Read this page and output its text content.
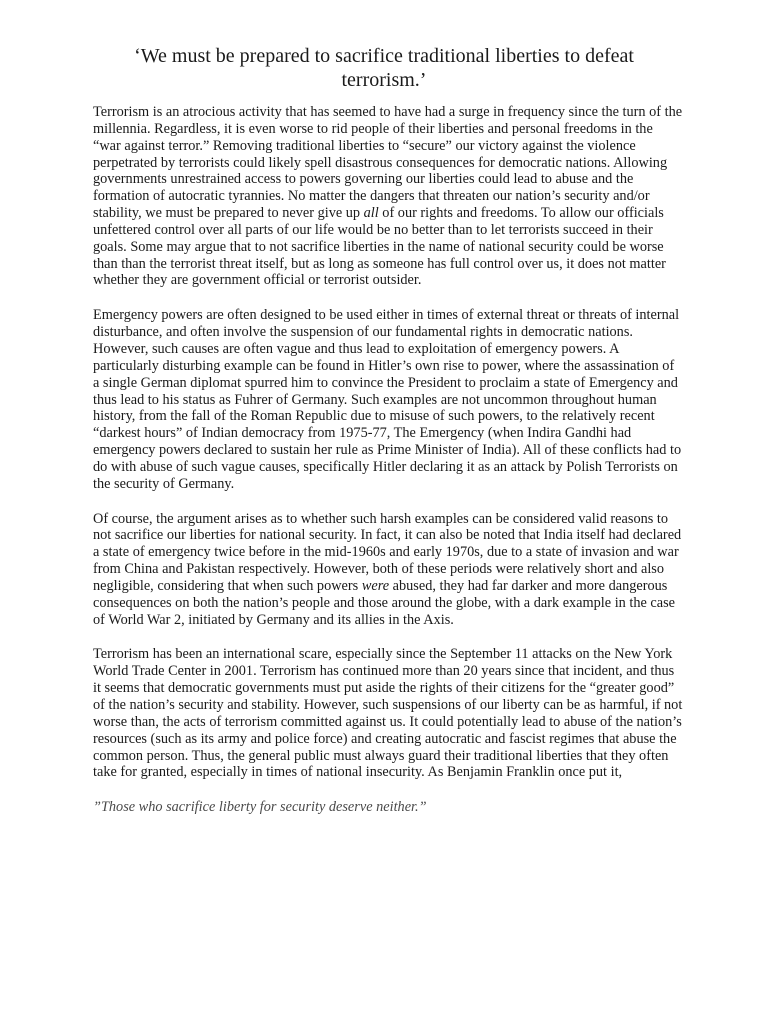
‘We must be prepared to sacrifice traditional liberties to defeat terrorism.’

Terrorism is an atrocious activity that has seemed to have had a surge in frequency since the turn of the millennia. Regardless, it is even worse to rid people of their liberties and personal freedoms in the “war against terror.” Removing traditional liberties to “secure” our victory against the violence perpetrated by terrorists could likely spell disastrous consequences for democratic nations. Allowing governments unrestrained access to powers governing our liberties could lead to abuse and the formation of autocratic tyrannies. No matter the dangers that threaten our nation’s security and/or stability, we must be prepared to never give up all of our rights and freedoms. To allow our officials unfettered control over all parts of our life would be no better than to let terrorists succeed in their goals. Some may argue that to not sacrifice liberties in the name of national security could be worse than than the terrorist threat itself, but as long as someone has full control over us, it does not matter whether they are government official or terrorist outsider.

Emergency powers are often designed to be used either in times of external threat or threats of internal disturbance, and often involve the suspension of our fundamental rights in democratic nations. However, such causes are often vague and thus lead to exploitation of emergency powers. A particularly disturbing example can be found in Hitler’s own rise to power, where the assassination of a single German diplomat spurred him to convince the President to proclaim a state of Emergency and thus lead to his status as Fuhrer of Germany. Such examples are not uncommon throughout human history, from the fall of the Roman Republic due to misuse of such powers, to the relatively recent “darkest hours” of Indian democracy from 1975-77, The Emergency (when Indira Gandhi had emergency powers declared to sustain her rule as Prime Minister of India). All of these conflicts had to do with abuse of such vague causes, specifically Hitler declaring it as an attack by Polish Terrorists on the security of Germany.

Of course, the argument arises as to whether such harsh examples can be considered valid reasons to not sacrifice our liberties for national security. In fact, it can also be noted that India itself had declared a state of emergency twice before in the mid-1960s and early 1970s, due to a state of invasion and war from China and Pakistan respectively. However, both of these periods were relatively short and also negligible, considering that when such powers were abused, they had far darker and more dangerous consequences on both the nation’s people and those around the globe, with a dark example in the case of World War 2, initiated by Germany and its allies in the Axis.

Terrorism has been an international scare, especially since the September 11 attacks on the New York World Trade Center in 2001. Terrorism has continued more than 20 years since that incident, and thus it seems that democratic governments must put aside the rights of their citizens for the “greater good” of the nation’s security and stability. However, such suspensions of our liberty can be as harmful, if not worse than, the acts of terrorism committed against us. It could potentially lead to abuse of the nation’s resources (such as its army and police force) and creating autocratic and fascist regimes that abuse the common person. Thus, the general public must always guard their traditional liberties that they often take for granted, especially in times of national insecurity. As Benjamin Franklin once put it,

”Those who sacrifice liberty for security deserve neither.”
